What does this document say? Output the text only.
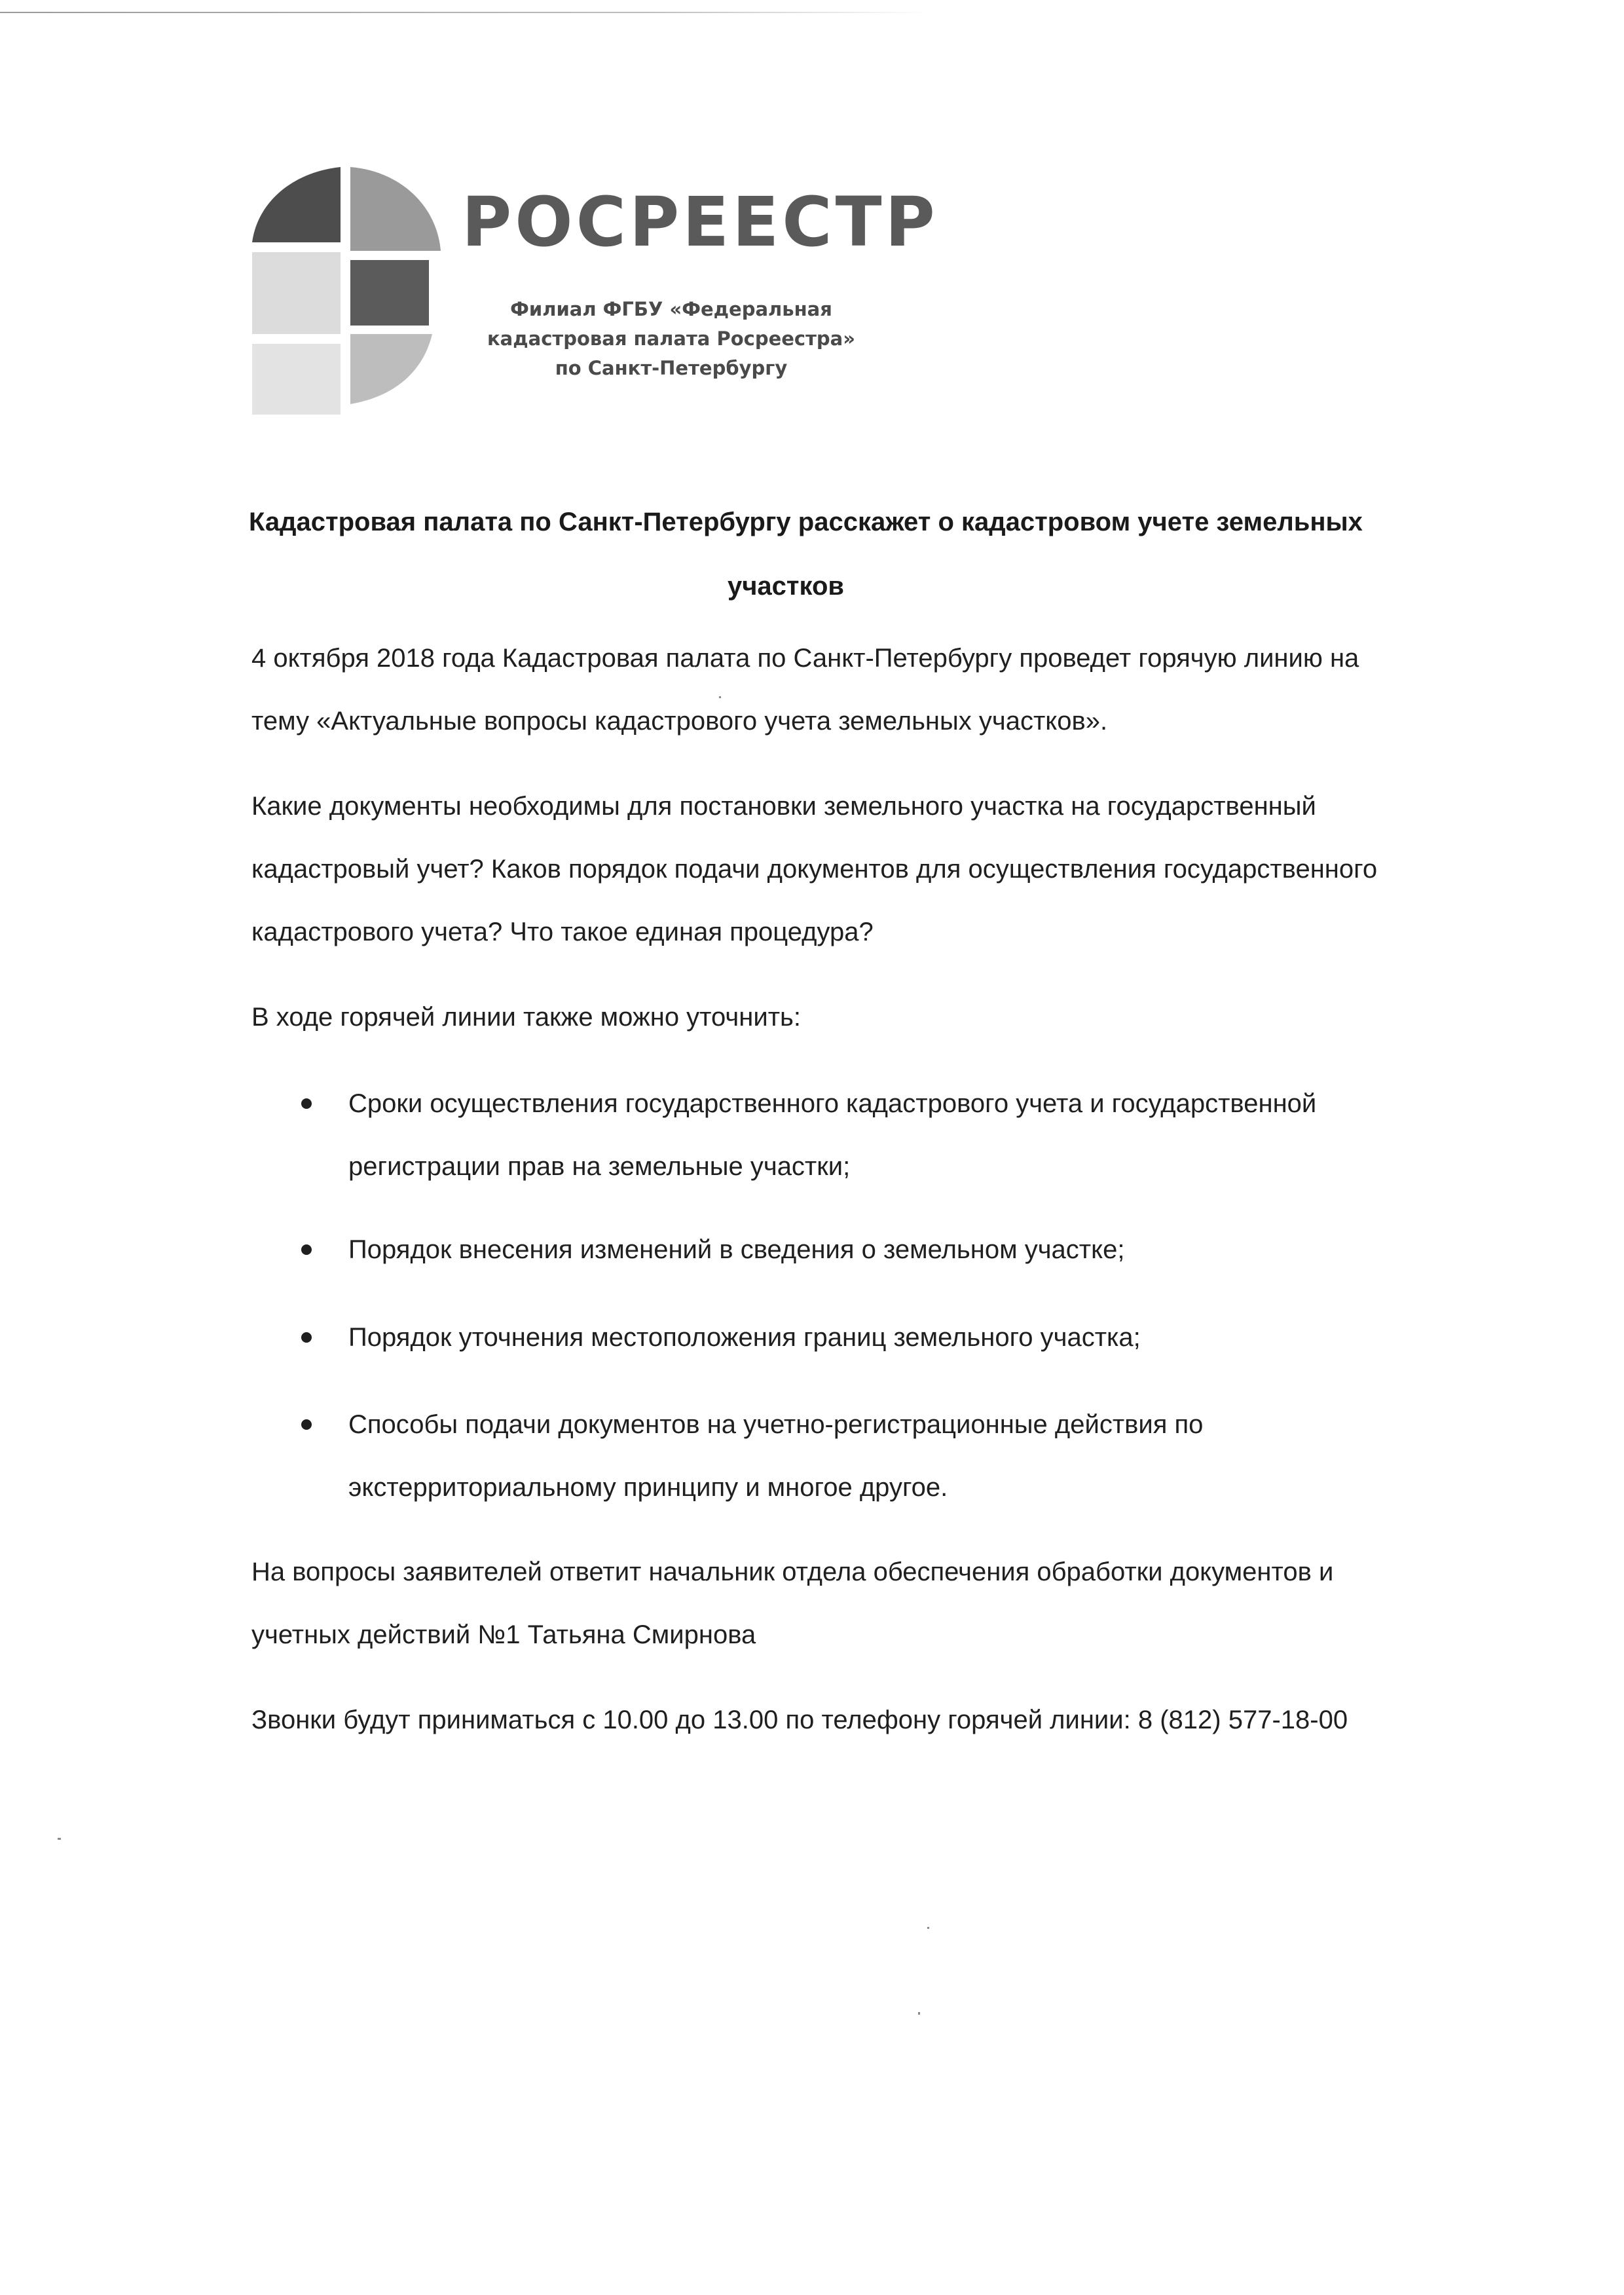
РОСРЕЕСТР
Филиал ФГБУ «Федеральная
кадастровая палата Росреестра»
по Санкт-Петербургу
Кадастровая палата по Санкт-Петербургу расскажет о кадастровом учете земельных
участков
4 октября 2018 года Кадастровая палата по Санкт-Петербургу проведет горячую линию на
тему «Актуальные вопросы кадастрового учета земельных участков».
Какие документы необходимы для постановки земельного участка на государственный
кадастровый учет? Каков порядок подачи документов для осуществления государственного
кадастрового учета? Что такое единая процедура?
В ходе горячей линии также можно уточнить:
Сроки осуществления государственного кадастрового учета и государственной
регистрации прав на земельные участки;
Порядок внесения изменений в сведения о земельном участке;
Порядок уточнения местоположения границ земельного участка;
Способы подачи документов на учетно-регистрационные действия по
экстерриториальному принципу и многое другое.
На вопросы заявителей ответит начальник отдела обеспечения обработки документов и
учетных действий №1 Татьяна Смирнова
Звонки будут приниматься с 10.00 до 13.00 по телефону горячей линии: 8 (812) 577-18-00
